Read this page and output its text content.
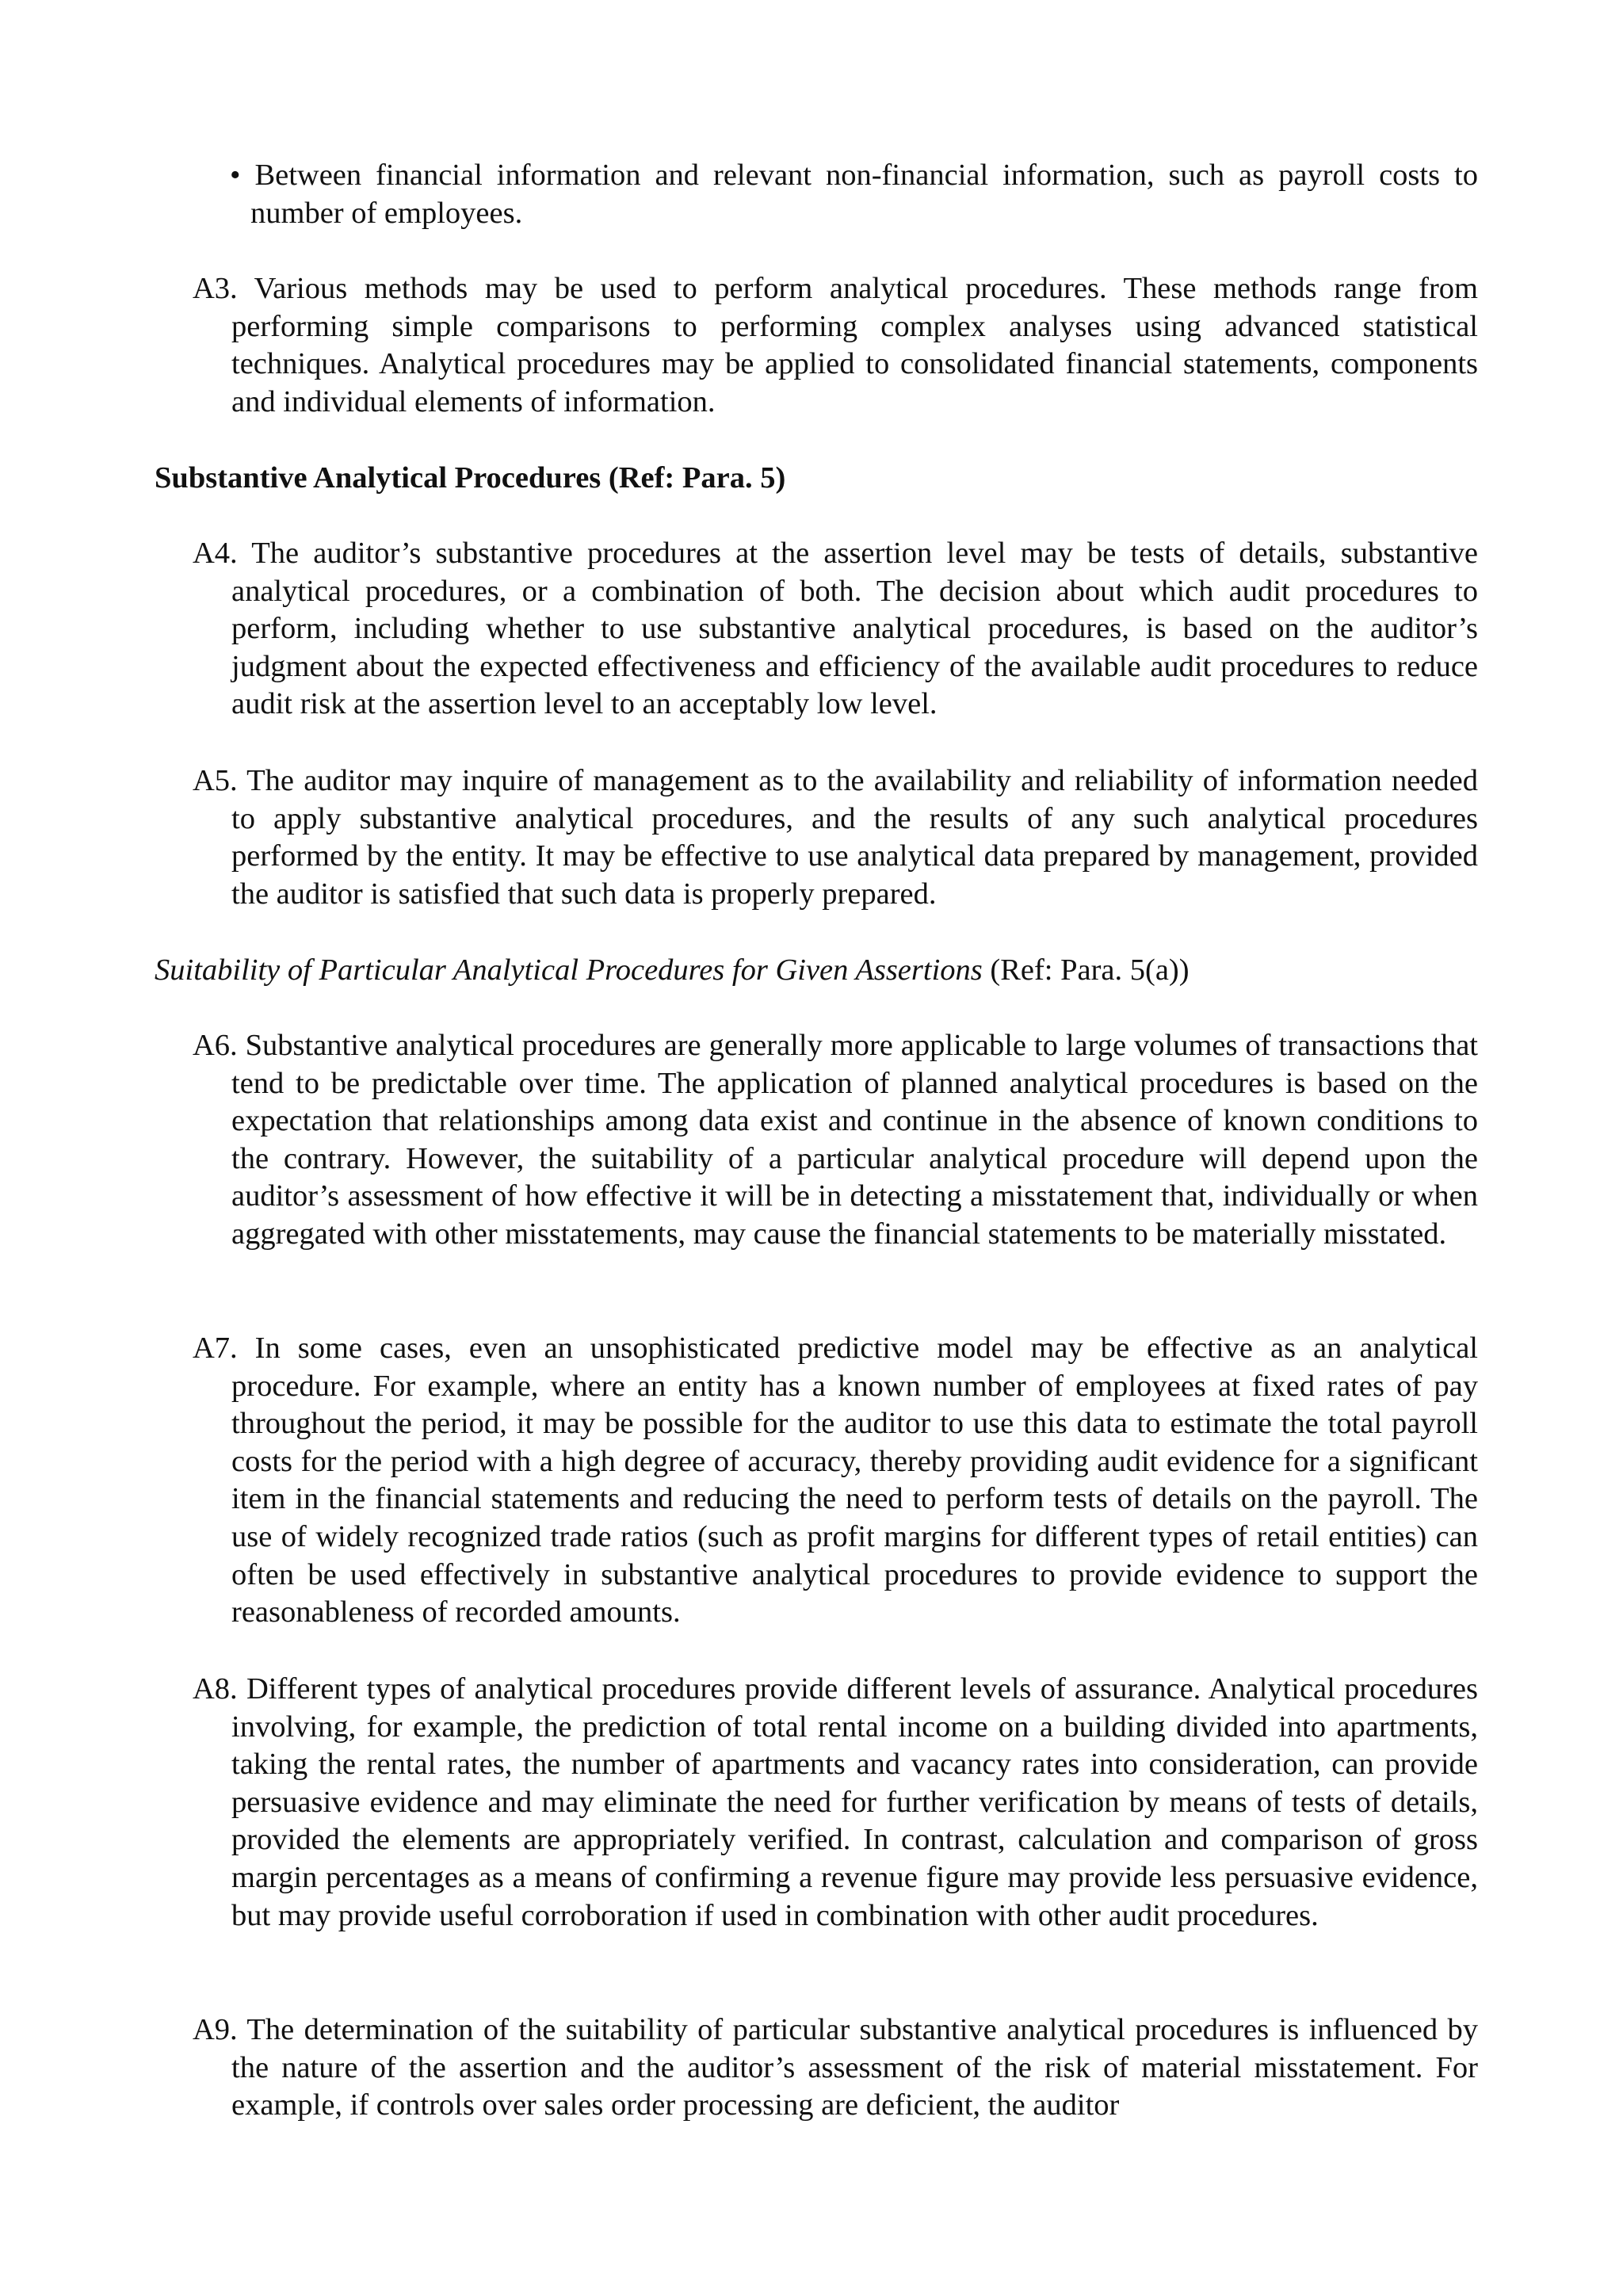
• Between financial information and relevant non-financial information, such as payroll costs to number of employees.

A3. Various methods may be used to perform analytical procedures. These methods range from performing simple comparisons to performing complex analyses using advanced statistical techniques. Analytical procedures may be applied to consolidated financial statements, components and individual elements of information.

Substantive Analytical Procedures (Ref: Para. 5)

A4. The auditor’s substantive procedures at the assertion level may be tests of details, substantive analytical procedures, or a combination of both. The decision about which audit procedures to perform, including whether to use substantive analytical procedures, is based on the auditor’s judgment about the expected effectiveness and efficiency of the available audit procedures to reduce audit risk at the assertion level to an acceptably low level.

A5. The auditor may inquire of management as to the availability and reliability of information needed to apply substantive analytical procedures, and the results of any such analytical procedures performed by the entity. It may be effective to use analytical data prepared by management, provided the auditor is satisfied that such data is properly prepared.

Suitability of Particular Analytical Procedures for Given Assertions (Ref: Para. 5(a))

A6. Substantive analytical procedures are generally more applicable to large volumes of transactions that tend to be predictable over time. The application of planned analytical procedures is based on the expectation that relationships among data exist and continue in the absence of known conditions to the contrary. However, the suitability of a particular analytical procedure will depend upon the auditor’s assessment of how effective it will be in detecting a misstatement that, individually or when aggregated with other misstatements, may cause the financial statements to be materially misstated.

A7. In some cases, even an unsophisticated predictive model may be effective as an analytical procedure. For example, where an entity has a known number of employees at fixed rates of pay throughout the period, it may be possible for the auditor to use this data to estimate the total payroll costs for the period with a high degree of accuracy, thereby providing audit evidence for a significant item in the financial statements and reducing the need to perform tests of details on the payroll. The use of widely recognized trade ratios (such as profit margins for different types of retail entities) can often be used effectively in substantive analytical procedures to provide evidence to support the reasonableness of recorded amounts.

A8. Different types of analytical procedures provide different levels of assurance. Analytical procedures involving, for example, the prediction of total rental income on a building divided into apartments, taking the rental rates, the number of apartments and vacancy rates into consideration, can provide persuasive evidence and may eliminate the need for further verification by means of tests of details, provided the elements are appropriately verified. In contrast, calculation and comparison of gross margin percentages as a means of confirming a revenue figure may provide less persuasive evidence, but may provide useful corroboration if used in combination with other audit procedures.

A9. The determination of the suitability of particular substantive analytical procedures is influenced by the nature of the assertion and the auditor’s assessment of the risk of material misstatement. For example, if controls over sales order processing are deficient, the auditor
